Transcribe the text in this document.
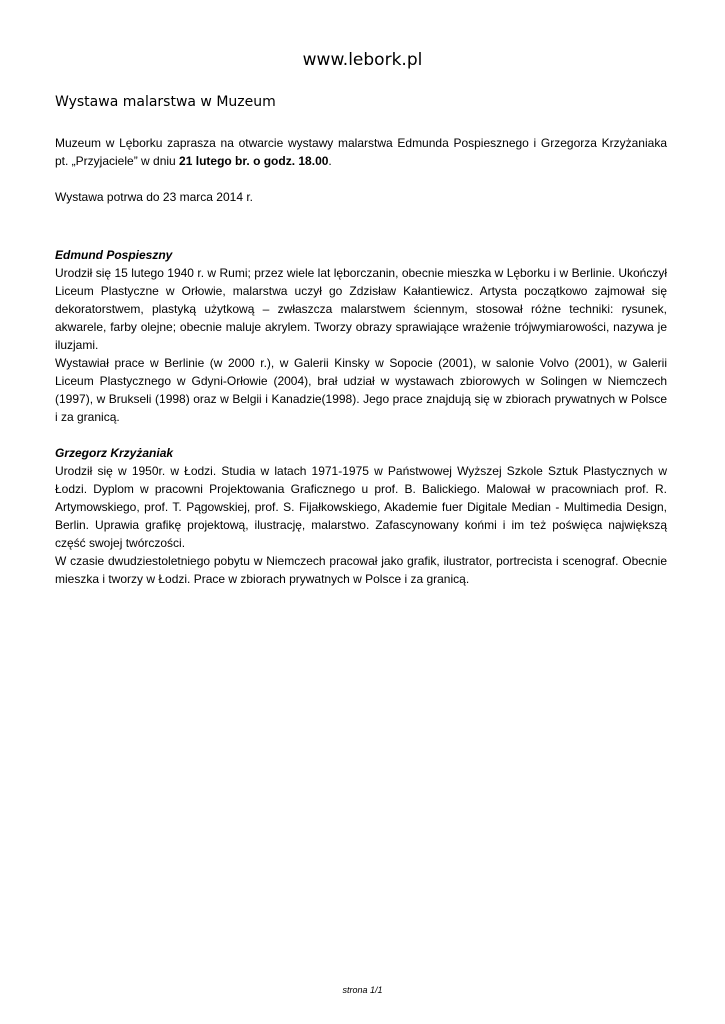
www.lebork.pl
Wystawa malarstwa w Muzeum

Muzeum w Lęborku zaprasza na otwarcie wystawy malarstwa Edmunda Pospiesznego i Grzegorza Krzyżaniaka pt. „Przyjaciele” w dniu 21 lutego br. o godz. 18.00.

Wystawa potrwa do 23 marca 2014 r.

Edmund Pospieszny

Urodził się 15 lutego 1940 r. w Rumi; przez wiele lat lęborczanin, obecnie mieszka w Lęborku i w Berlinie. Ukończył Liceum Plastyczne w Orłowie, malarstwa uczył go Zdzisław Kałantiewicz. Artysta początkowo zajmował się dekoratorstwem, plastyką użytkową – zwłaszcza malarstwem ściennym, stosował różne techniki: rysunek, akwarele, farby olejne; obecnie maluje akrylem. Tworzy obrazy sprawiające wrażenie trójwymiarowości, nazywa je iluzjami.

Wystawiał prace w Berlinie (w 2000 r.), w Galerii Kinsky w Sopocie (2001), w salonie Volvo (2001), w Galerii Liceum Plastycznego w Gdyni-Orłowie (2004), brał udział w wystawach zbiorowych w Solingen w Niemczech (1997), w Brukseli (1998) oraz w Belgii i Kanadzie(1998). Jego prace znajdują się w zbiorach prywatnych w Polsce i za granicą.

Grzegorz Krzyżaniak

Urodził się w 1950r. w Łodzi. Studia w latach 1971-1975 w Państwowej Wyższej Szkole Sztuk Plastycznych w Łodzi. Dyplom w pracowni Projektowania Graficznego u prof. B. Balickiego. Malował w pracowniach prof. R. Artymowskiego, prof. T. Pągowskiej, prof. S. Fijałkowskiego, Akademie fuer Digitale Median - Multimedia Design, Berlin. Uprawia grafikę projektową, ilustrację, malarstwo. Zafascynowany końmi i im też poświęca największą część swojej twórczości.

W czasie dwudziestoletniego pobytu w Niemczech pracował jako grafik, ilustrator, portrecista i scenograf. Obecnie mieszka i tworzy w Łodzi. Prace w zbiorach prywatnych w Polsce i za granicą.

strona 1/1
